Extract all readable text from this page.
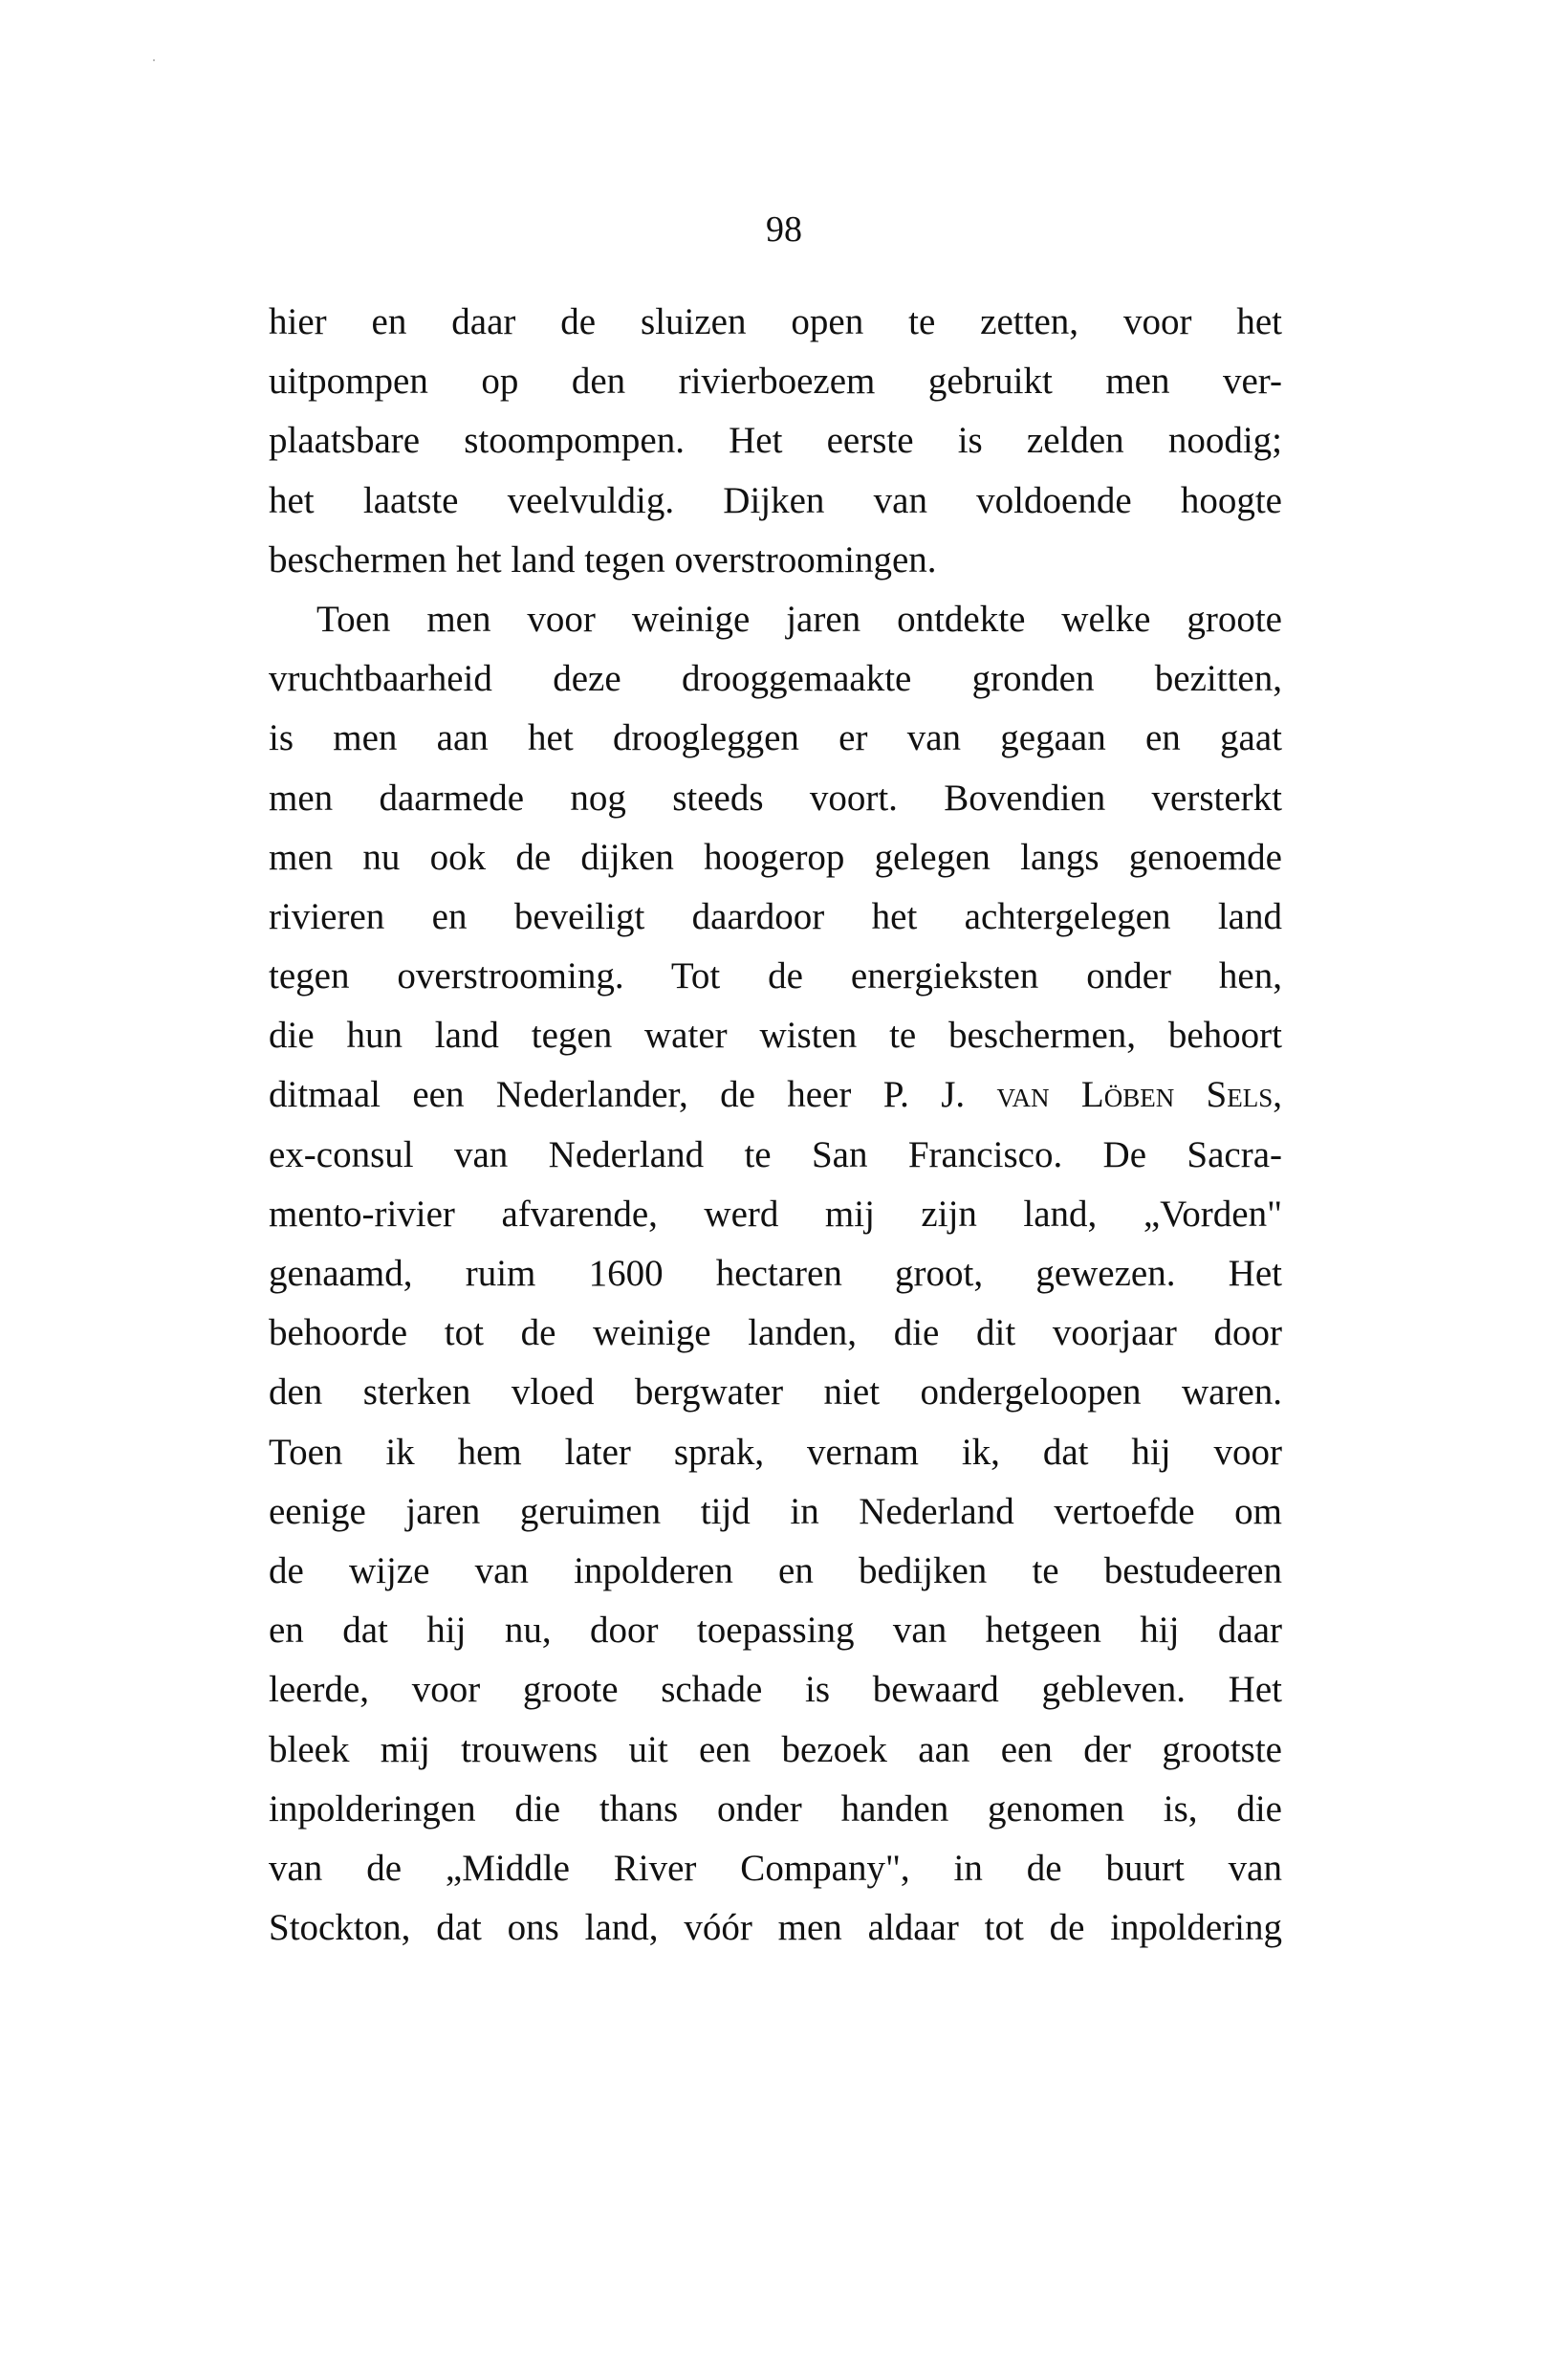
98
hier en daar de sluizen open te zetten, voor het
uitpompen op den rivierboezem gebruikt men ver-
plaatsbare stoompompen. Het eerste is zelden noodig;
het laatste veelvuldig. Dijken van voldoende hoogte
beschermen het land tegen overstroomingen.
Toen men voor weinige jaren ontdekte welke groote
vruchtbaarheid deze drooggemaakte gronden bezitten,
is men aan het droogleggen er van gegaan en gaat
men daarmede nog steeds voort. Bovendien versterkt
men nu ook de dijken hoogerop gelegen langs genoemde
rivieren en beveiligt daardoor het achtergelegen land
tegen overstrooming. Tot de energieksten onder hen,
die hun land tegen water wisten te beschermen, behoort
ditmaal een Nederlander, de heer P. J. van Löben Sels,
ex-consul van Nederland te San Francisco. De Sacra-
mento-rivier afvarende, werd mij zijn land, „Vorden"
genaamd, ruim 1600 hectaren groot, gewezen. Het
behoorde tot de weinige landen, die dit voorjaar door
den sterken vloed bergwater niet ondergeloopen waren.
Toen ik hem later sprak, vernam ik, dat hij voor
eenige jaren geruimen tijd in Nederland vertoefde om
de wijze van inpolderen en bedijken te bestudeeren
en dat hij nu, door toepassing van hetgeen hij daar
leerde, voor groote schade is bewaard gebleven. Het
bleek mij trouwens uit een bezoek aan een der grootste
inpolderingen die thans onder handen genomen is, die
van de „Middle River Company", in de buurt van
Stockton, dat ons land, vóór men aldaar tot de inpoldering
